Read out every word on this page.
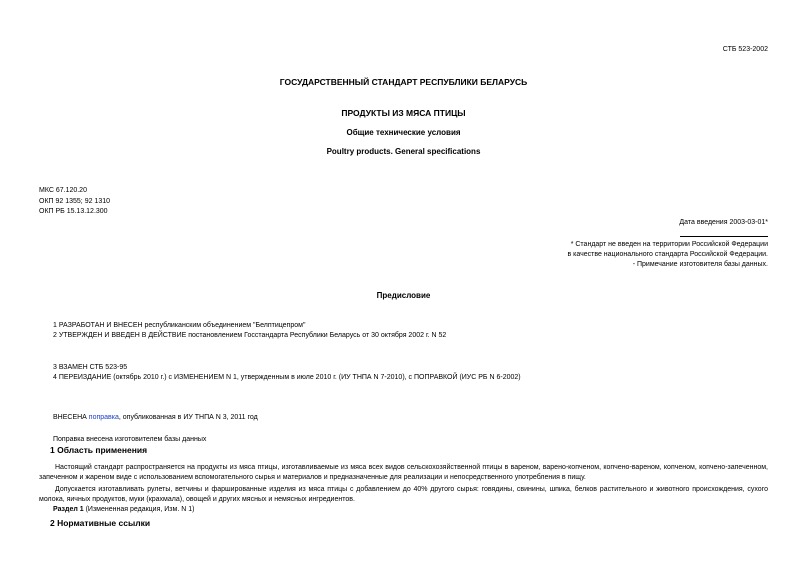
СТБ 523-2002
ГОСУДАРСТВЕННЫЙ СТАНДАРТ РЕСПУБЛИКИ БЕЛАРУСЬ
ПРОДУКТЫ ИЗ МЯСА ПТИЦЫ
Общие технические условия
Poultry products. General specifications
МКС 67.120.20
ОКП 92 1355; 92 1310
ОКП РБ 15.13.12.300
Дата введения 2003-03-01*
* Стандарт не введен на территории Российской Федерации
в качестве национального стандарта Российской Федерации.
- Примечание изготовителя базы данных.
Предисловие
1 РАЗРАБОТАН И ВНЕСЕН республиканским объединением "Белптицепром"
2 УТВЕРЖДЕН И ВВЕДЕН В ДЕЙСТВИЕ постановлением Госстандарта Республики Беларусь от 30 октября 2002 г. N 52
3 ВЗАМЕН СТБ 523-95
4 ПЕРЕИЗДАНИЕ (октябрь 2010 г.) с ИЗМЕНЕНИЕМ N 1, утвержденным в июле 2010 г. (ИУ ТНПА N 7-2010), с ПОПРАВКОЙ (ИУС РБ N 6-2002)
ВНЕСЕНА поправка, опубликованная в ИУ ТНПА N 3, 2011 год
Поправка внесена изготовителем базы данных
1 Область применения

Настоящий стандарт распространяется на продукты из мяса птицы, изготавливаемые из мяса всех видов сельскохозяйственной птицы в вареном, варено-копченом, копчено-вареном, копченом, копчено-запеченном, запеченном и жареном виде с использованием вспомогательного сырья и материалов и предназначенные для реализации и непосредственного употребления в пищу.

Допускается изготавливать рулеты, ветчины и фаршированные изделия из мяса птицы с добавлением до 40% другого сырья: говядины, свинины, шпика, белков растительного и животного происхождения, сухого молока, яичных продуктов, муки (крахмала), овощей и других мясных и немясных ингредиентов.

Раздел 1 (Измененная редакция, Изм. N 1)
2 Нормативные ссылки
